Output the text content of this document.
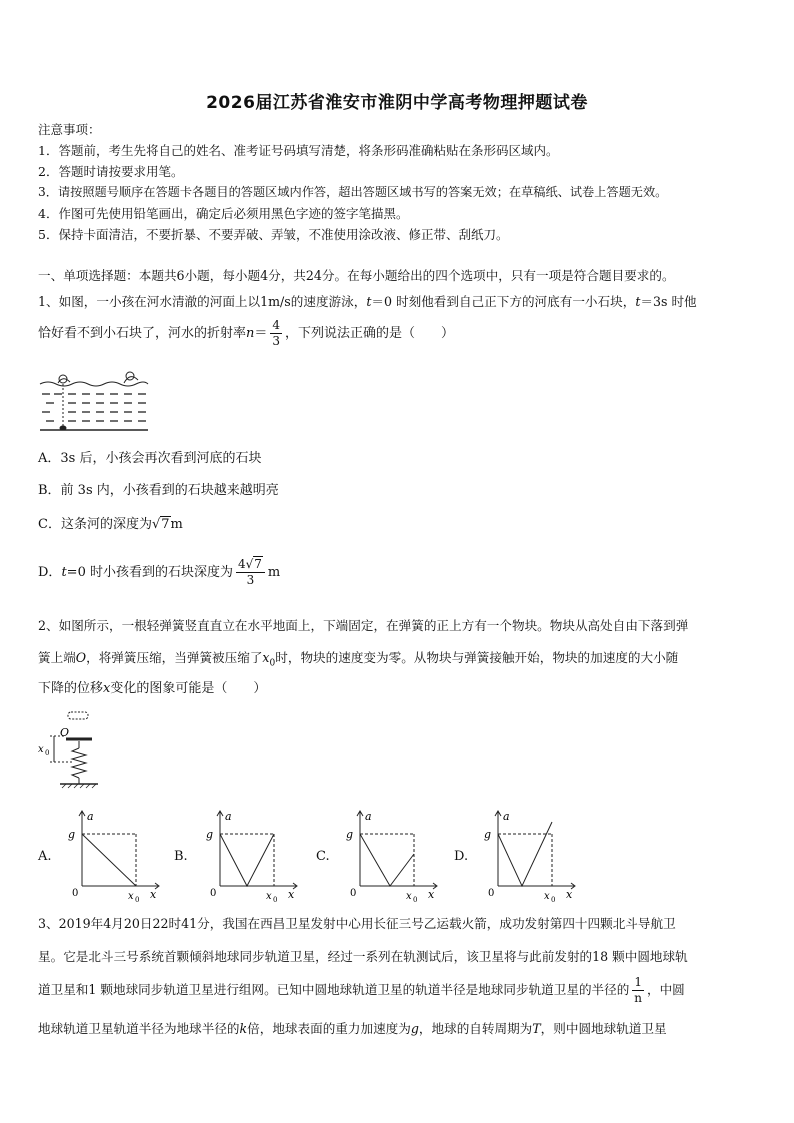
2026届江苏省淮安市淮阴中学高考物理押题试卷
注意事项：
1．答题前，考生先将自己的姓名、准考证号码填写清楚，将条形码准确粘贴在条形码区域内。
2．答题时请按要求用笔。
3．请按照题号顺序在答题卡各题目的答题区域内作答，超出答题区域书写的答案无效；在草稿纸、试卷上答题无效。
4．作图可先使用铅笔画出，确定后必须用黑色字迹的签字笔描黑。
5．保持卡面清洁，不要折暴、不要弄破、弄皱，不准使用涂改液、修正带、刮纸刀。
一、单项选择题：本题共6小题，每小题4分，共24分。在每小题给出的四个选项中，只有一项是符合题目要求的。
1、如图，一小孩在河水清澈的河面上以1m/s的速度游泳，t＝0 时刻他看到自己正下方的河底有一小石块，t＝3s 时他
恰好看不到小石块了，河水的折射率$n= \frac{4}{3}$ ，下列说法正确的是（　　）
A．3s 后，小孩会再次看到河底的石块
B．前 3s 内，小孩看到的石块越来越明亮
C．这条河的深度为√7m
D．t=0 时小孩看到的石块深度为 $\frac{4√7}{3}$ m
2、如图所示，一根轻弹簧竖直直立在水平地面上，下端固定，在弹簧的正上方有一个物块。物块从高处自由下落到弹
簧上端O，将弹簧压缩，当弹簧被压缩了$x_0$时，物块的速度变为零。从物块与弹簧接触开始，物块的加速度的大小随
下降的位移x变化的图象可能是（　　）
O
x 0
A.	B.	C.	D.
a
g
0	x 0 x
a
g
0	x 0 x
a
g
0	x 0 x
a
g
0	x 0 x
3、2019年4月20日22时41分，我国在西昌卫星发射中心用长征三号乙运载火箭，成功发射第四十四颗北斗导航卫
星。它是北斗三号系统首颗倾斜地球同步轨道卫星，经过一系列在轨测试后，该卫星将与此前发射的18 颗中圆地球轨
道卫星和1 颗地球同步轨道卫星进行组网。已知中圆地球轨道卫星的轨道半径是地球同步轨道卫星的半径的 $\frac{1}{n}$ ，中圆
地球轨道卫星轨道半径为地球半径的k倍，地球表面的重力加速度为g，地球的自转周期为T，则中圆地球轨道卫星
